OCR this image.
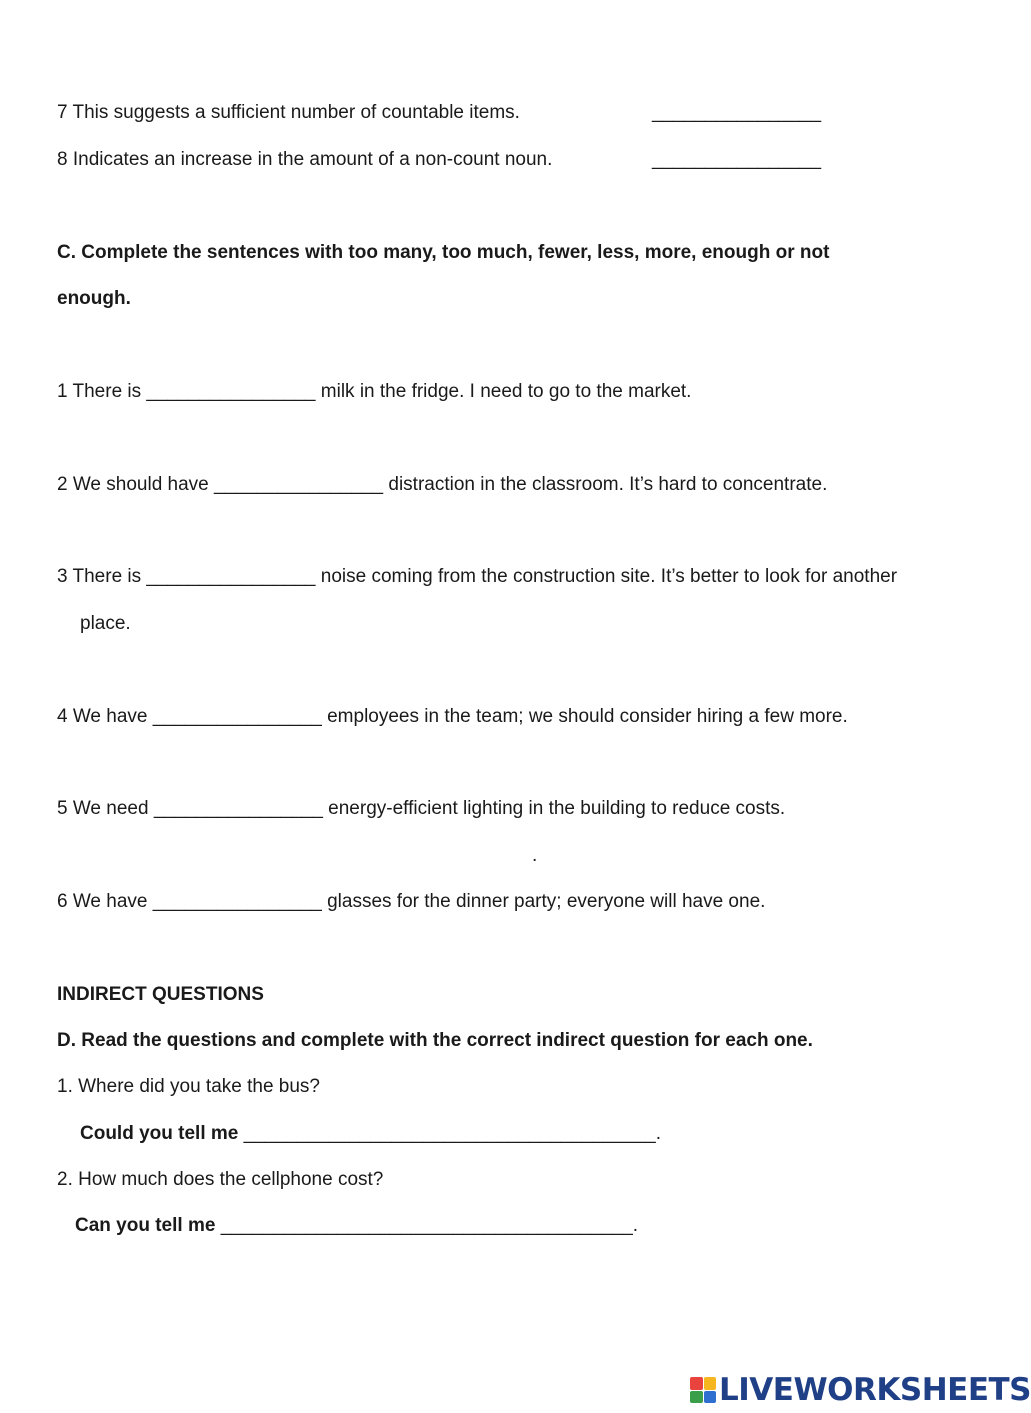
7 This suggests a sufficient number of countable items.	________________
8 Indicates an increase in the amount of a non-count noun.	________________
C. Complete the sentences with too many, too much, fewer, less, more, enough or not
enough.
1 There is ________________ milk in the fridge. I need to go to the market.
2 We should have ________________ distraction in the classroom. It’s hard to concentrate.
3 There is ________________ noise coming from the construction site. It’s better to look for another
place.
4 We have ________________ employees in the team; we should consider hiring a few more.
5 We need ________________ energy-efficient lighting in the building to reduce costs.
.
6 We have ________________ glasses for the dinner party; everyone will have one.
INDIRECT QUESTIONS
D. Read the questions and complete with the correct indirect question for each one.
1. Where did you take the bus?
Could you tell me _______________________________________.
2. How much does the cellphone cost?
Can you tell me _______________________________________.
LIVEWORKSHEETS
